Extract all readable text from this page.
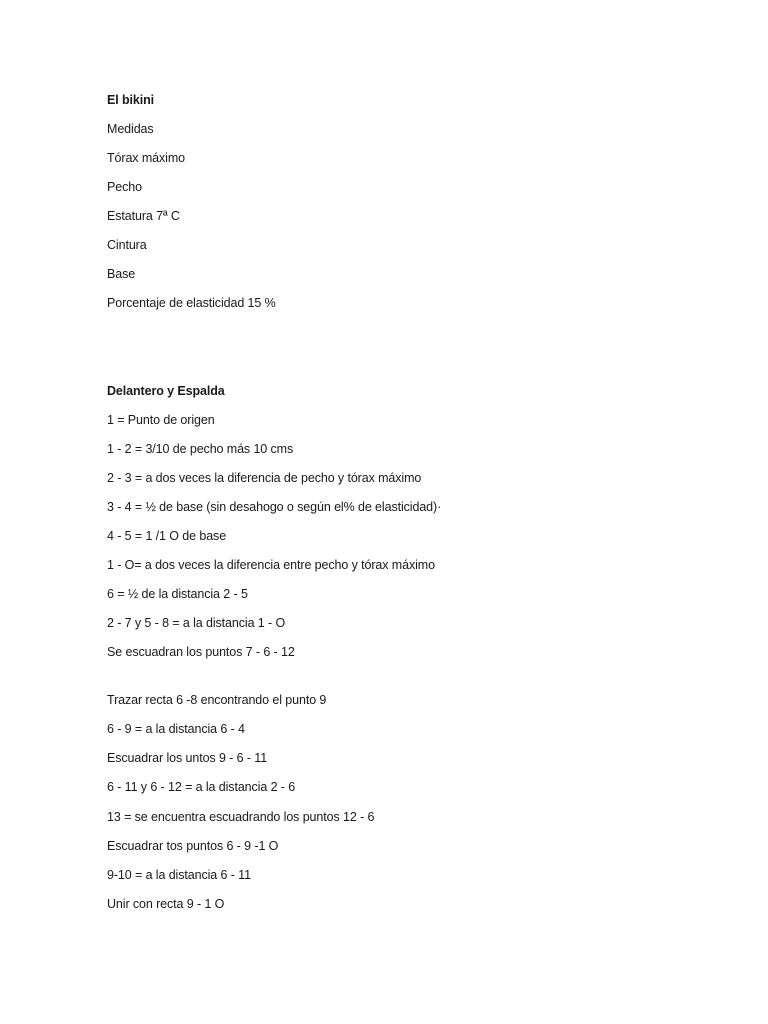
El bikini
Medidas
Tórax máximo
Pecho
Estatura 7ª C
Cintura
Base
Porcentaje de elasticidad 15 %
Delantero y Espalda
1 = Punto de origen
1 - 2 = 3/10 de pecho más 10 cms
2 - 3 = a dos veces la diferencia de pecho y tórax máximo
3 - 4 = ½ de base (sin desahogo o según el% de elasticidad)·
4 - 5 = 1 /1 O de base
1 - O= a dos veces la diferencia entre pecho y tórax máximo
6 = ½ de la distancia 2 - 5
2 - 7 y 5 - 8 = a la distancia 1 - O
Se escuadran los puntos 7 - 6 - 12
Trazar recta 6 -8 encontrando el punto 9
6 - 9 = a la distancia 6 - 4
Escuadrar los untos 9 - 6 - 11
6 - 11 y 6 - 12 = a la distancia 2 - 6
13 = se encuentra escuadrando los puntos 12 - 6
Escuadrar tos puntos 6 - 9 -1 O
9-10 = a la distancia 6 - 11
Unir con recta 9 - 1 O
